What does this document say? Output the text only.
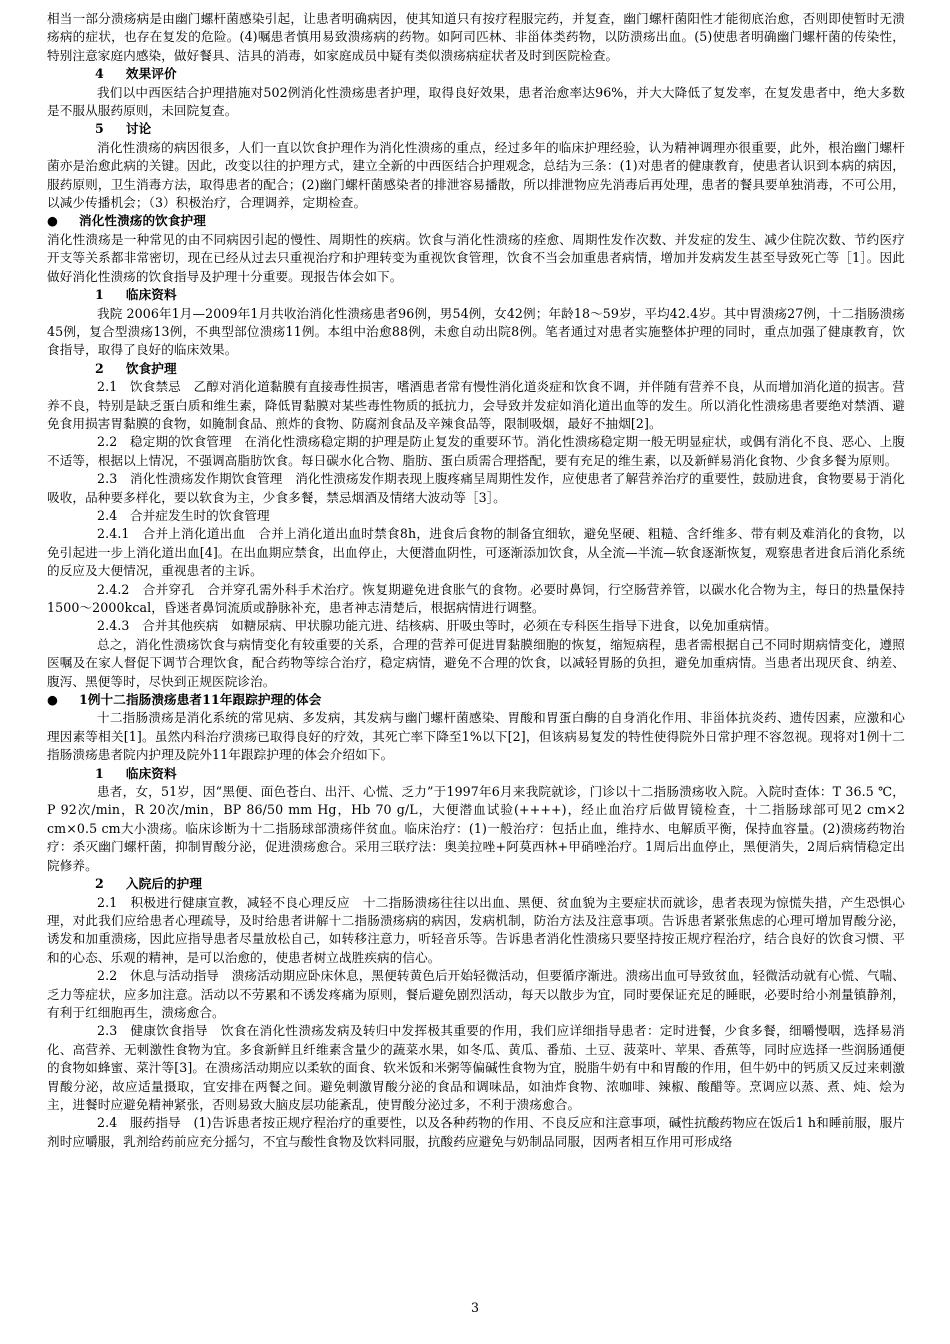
相当一部分溃疡病是由幽门螺杆菌感染引起，让患者明确病因，使其知道只有按疗程服完药，并复查，幽门螺杆菌阳性才能彻底治愈，否则即使暂时无溃疡病的症状，也存在复发的危险。(4)嘱患者慎用易致溃疡病的药物。如阿司匹林、非甾体类药物，以防溃疡出血。(5)使患者明确幽门螺杆菌的传染性，特别注意家庭内感染，做好餐具、洁具的消毒，如家庭成员中疑有类似溃疡病症状者及时到医院检查。

4 效果评价

我们以中西医结合护理措施对502例消化性溃疡患者护理，取得良好效果，患者治愈率达96%，并大大降低了复发率，在复发患者中，绝大多数是不服从服药原则，未回院复查。

5 讨论

消化性溃疡的病因很多，人们一直以饮食护理作为消化性溃疡的重点，经过多年的临床护理经验，认为精神调理亦很重要，此外，根治幽门螺杆菌亦是治愈此病的关键。因此，改变以往的护理方式，建立全新的中西医结合护理观念，总结为三条：(1)对患者的健康教育，使患者认识到本病的病因，服药原则，卫生消毒方法，取得患者的配合；(2)幽门螺杆菌感染者的排泄容易播散，所以排泄物应先消毒后再处理，患者的餐具要单独消毒，不可公用，以减少传播机会；（3）积极治疗，合理调养，定期检查。

● 消化性溃疡的饮食护理

消化性溃疡是一种常见的由不同病因引起的慢性、周期性的疾病。饮食与消化性溃疡的痊愈、周期性发作次数、并发症的发生、减少住院次数、节约医疗开支等关系都非常密切，现在已经从过去只重视治疗和护理转变为重视饮食管理，饮食不当会加重患者病情，增加并发病发生甚至导致死亡等［1］。因此做好消化性溃疡的饮食指导及护理十分重要。现报告体会如下。

1 临床资料

我院 2006年1月—2009年1月共收治消化性溃疡患者96例，男54例，女42例；年龄18～59岁，平均42.4岁。其中胃溃疡27例，十二指肠溃疡45例，复合型溃疡13例，不典型部位溃疡11例。本组中治愈88例，未愈自动出院8例。笔者通过对患者实施整体护理的同时，重点加强了健康教育，饮食指导，取得了良好的临床效果。

2 饮食护理

2.1　饮食禁忌　乙醇对消化道黏膜有直接毒性损害，嗜酒患者常有慢性消化道炎症和饮食不调，并伴随有营养不良，从而增加消化道的损害。营养不良，特别是缺乏蛋白质和维生素，降低胃黏膜对某些毒性物质的抵抗力，会导致并发症如消化道出血等的发生。所以消化性溃疡患者要绝对禁酒、避免食用损害胃黏膜的食物，如腌制食品、煎炸的食物、防腐剂食品及辛辣食品等，限制吸烟，最好不抽烟[2]。

2.2　稳定期的饮食管理　在消化性溃疡稳定期的护理是防止复发的重要环节。消化性溃疡稳定期一般无明显症状，或偶有消化不良、恶心、上腹不适等，根据以上情况，不强调高脂肪饮食。每日碳水化合物、脂肪、蛋白质需合理搭配，要有充足的维生素，以及新鲜易消化食物、少食多餐为原则。

2.3　消化性溃疡发作期饮食管理　消化性溃疡发作期表现上腹疼痛呈周期性发作，应使患者了解营养治疗的重要性，鼓励进食，食物要易于消化吸收，品种要多样化，要以软食为主，少食多餐，禁忌烟酒及情绪大波动等［3］。

2.4　合并症发生时的饮食管理

2.4.1　合并上消化道出血　合并上消化道出血时禁食8h，进食后食物的制备宜细软，避免坚硬、粗糙、含纤维多、带有刺及难消化的食物，以免引起进一步上消化道出血[4]。在出血期应禁食，出血停止，大便潜血阴性，可逐渐添加饮食，从全流—半流—软食逐渐恢复，观察患者进食后消化系统的反应及大便情况，重视患者的主诉。

2.4.2　合并穿孔　合并穿孔需外科手术治疗。恢复期避免进食胀气的食物。必要时鼻饲，行空肠营养管，以碳水化合物为主，每日的热量保持1500～2000kcal，昏迷者鼻饲流质或静脉补充，患者神志清楚后，根据病情进行调整。

2.4.3　合并其他疾病　如糖尿病、甲状腺功能亢进、结核病、肝吸虫等时，必须在专科医生指导下进食，以免加重病情。

总之，消化性溃疡饮食与病情变化有较重要的关系，合理的营养可促进胃黏膜细胞的恢复，缩短病程，患者需根据自己不同时期病情变化，遵照医嘱及在家人督促下调节合理饮食，配合药物等综合治疗，稳定病情，避免不合理的饮食，以减轻胃肠的负担，避免加重病情。当患者出现厌食、纳差、腹泻、黑便等时，尽快到正规医院诊治。

● 1例十二指肠溃疡患者11年跟踪护理的体会

十二指肠溃疡是消化系统的常见病、多发病，其发病与幽门螺杆菌感染、胃酸和胃蛋白酶的自身消化作用、非甾体抗炎药、遗传因素，应激和心理因素等相关[1]。虽然内科治疗溃疡已取得良好的疗效，其死亡率下降至1%以下[2]，但该病易复发的特性使得院外日常护理不容忽视。现将对1例十二指肠溃疡患者院内护理及院外11年跟踪护理的体会介绍如下。

1 临床资料

患者，女，51岁，因“黑便、面色苍白、出汗、心慌、乏力”于1997年6月来我院就诊，门诊以十二指肠溃疡收入院。入院时查体：T 36.5 ℃，P 92次/min，R 20次/min，BP 86/50 mm Hg，Hb 70 g/L，大便潜血试验(++++)，经止血治疗后做胃镜检查，十二指肠球部可见2 cm×2 cm×0.5 cm大小溃疡。临床诊断为十二指肠球部溃疡伴贫血。临床治疗：(1)一般治疗：包括止血，维持水、电解质平衡，保持血容量。(2)溃疡药物治疗：杀灭幽门螺杆菌，抑制胃酸分泌，促进溃疡愈合。采用三联疗法：奥美拉唑+阿莫西林+甲硝唑治疗。1周后出血停止，黑便消失，2周后病情稳定出院修养。

2 入院后的护理

2.1　积极进行健康宣教，减轻不良心理反应　十二指肠溃疡往往以出血、黑便、贫血貌为主要症状而就诊，患者表现为惊慌失措，产生恐惧心理，对此我们应给患者心理疏导，及时给患者讲解十二指肠溃疡病的病因，发病机制，防治方法及注意事项。告诉患者紧张焦虑的心理可增加胃酸分泌，诱发和加重溃疡，因此应指导患者尽量放松自己，如转移注意力，听轻音乐等。告诉患者消化性溃疡只要坚持按正规疗程治疗，结合良好的饮食习惯、平和的心态、乐观的精神，是可以治愈的，使患者树立战胜疾病的信心。

2.2　休息与活动指导　溃疡活动期应卧床休息，黑便转黄色后开始轻微活动，但要循序渐进。溃疡出血可导致贫血，轻微活动就有心慌、气喘、乏力等症状，应多加注意。活动以不劳累和不诱发疼痛为原则，餐后避免剧烈活动，每天以散步为宜，同时要保证充足的睡眠，必要时给小剂量镇静剂，有利于红细胞再生，溃疡愈合。

2.3　健康饮食指导　饮食在消化性溃疡发病及转归中发挥极其重要的作用，我们应详细指导患者：定时进餐，少食多餐，细嚼慢咽，选择易消化、高营养、无刺激性食物为宜。多食新鲜且纤维素含量少的蔬菜水果，如冬瓜、黄瓜、番茄、土豆、菠菜叶、苹果、香蕉等，同时应选择一些润肠通便的食物如蜂蜜、菜汁等[3]。在溃疡活动期应以柔软的面食、软米饭和米粥等偏碱性食物为宜，脱脂牛奶有中和胃酸的作用，但牛奶中的钙质又反过来刺激胃酸分泌，故应适量摄取，宜安排在两餐之间。避免刺激胃酸分泌的食品和调味品，如油炸食物、浓咖啡、辣椒、酸醋等。烹调应以蒸、煮、炖、烩为主，进餐时应避免精神紧张，否则易致大脑皮层功能紊乱，使胃酸分泌过多，不利于溃疡愈合。

2.4　服药指导　(1)告诉患者按正规疗程治疗的重要性，以及各种药物的作用、不良反应和注意事项，碱性抗酸药物应在饭后1 h和睡前服，服片剂时应嚼服，乳剂给药前应充分摇匀，不宜与酸性食物及饮料同服，抗酸药应避免与奶制品同服，因两者相互作用可形成络

3
